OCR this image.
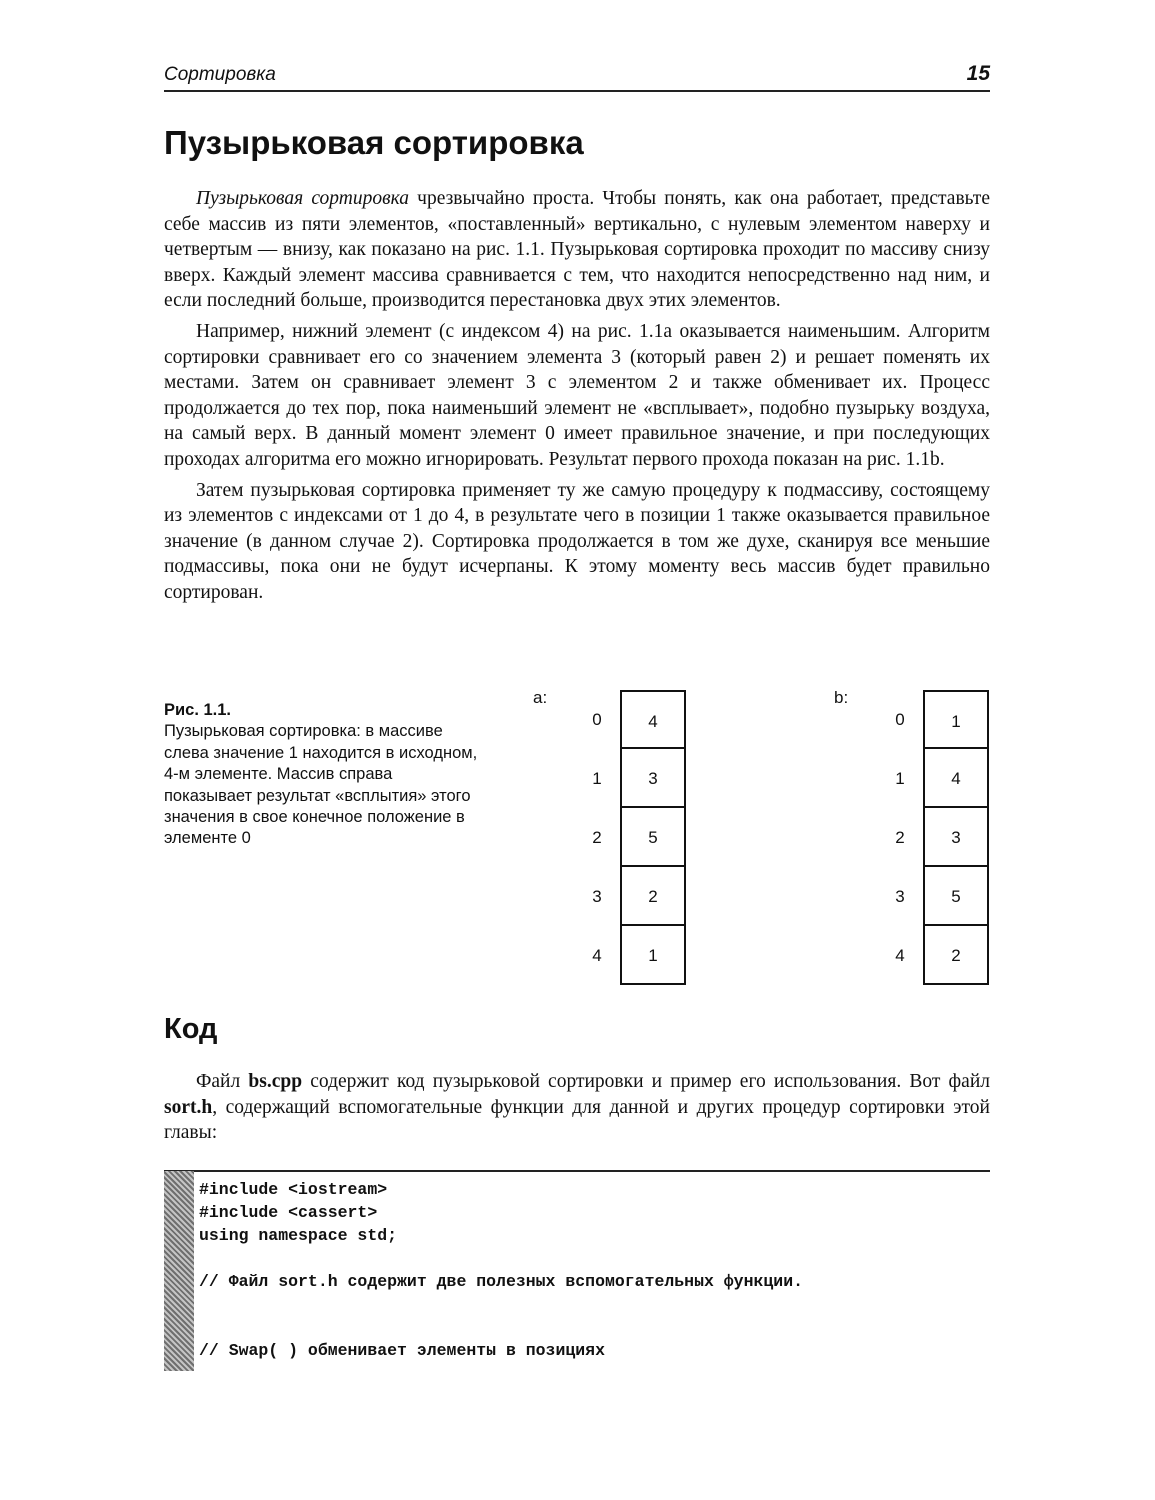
Сортировка	15
Пузырьковая сортировка

Пузырьковая сортировка чрезвычайно проста. Чтобы понять, как она работает, представьте себе массив из пяти элементов, «поставленный» вертикально, с нулевым элементом наверху и четвертым — внизу, как показано на рис. 1.1. Пузырьковая сортировка проходит по массиву снизу вверх. Каждый элемент массива сравнивается с тем, что находится непосредственно над ним, и если последний больше, производится перестановка двух этих элементов.

Например, нижний элемент (с индексом 4) на рис. 1.1a оказывается наименьшим. Алгоритм сортировки сравнивает его со значением элемента 3 (который равен 2) и решает поменять их местами. Затем он сравнивает элемент 3 с элементом 2 и также обменивает их. Процесс продолжается до тех пор, пока наименьший элемент не «всплывает», подобно пузырьку воздуха, на самый верх. В данный момент элемент 0 имеет правильное значение, и при последующих проходах алгоритма его можно игнорировать. Результат первого прохода показан на рис. 1.1b.

Затем пузырьковая сортировка применяет ту же самую процедуру к подмассиву, состоящему из элементов с индексами от 1 до 4, в результате чего в позиции 1 также оказывается правильное значение (в данном случае 2). Сортировка продолжается в том же духе, сканируя все меньшие подмассивы, пока они не будут исчерпаны. К этому моменту весь массив будет правильно сортирован.

Рис. 1.1.
Пузырьковая сортировка: в массиве слева значение 1 находится в исходном, 4-м элементе. Массив справа показывает результат «всплытия» этого значения в свое конечное положение в элементе 0
a:
0	4
1	3
2	5
3	2
4	1
b:
0	1
1	4
2	3
3	5
4	2
Код

Файл bs.cpp содержит код пузырьковой сортировки и пример его использования. Вот файл sort.h, содержащий вспомогательные функции для данной и других процедур сортировки этой главы:

#include <iostream>
#include <cassert>
using namespace std;
// Файл sort.h содержит две полезных вспомогательных функции.
// Swap( ) обменивает элементы в позициях
